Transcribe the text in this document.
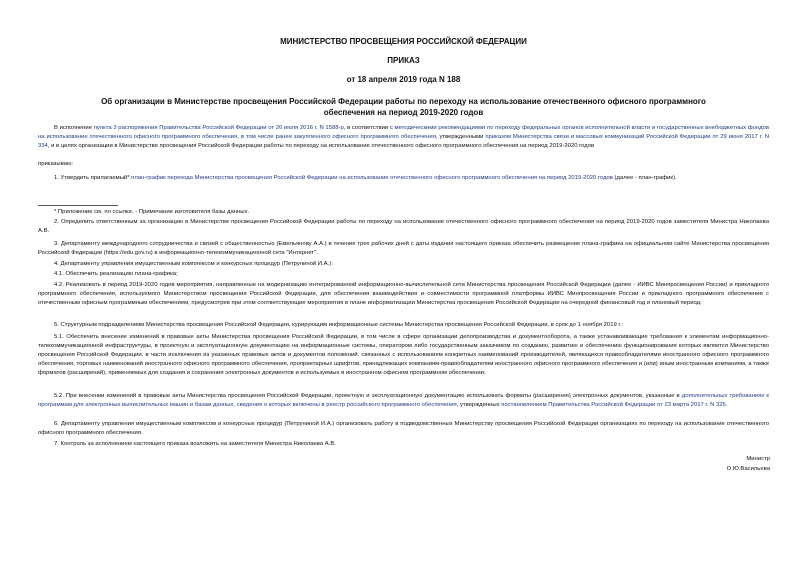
МИНИСТЕРСТВО ПРОСВЕЩЕНИЯ РОССИЙСКОЙ ФЕДЕРАЦИИ
ПРИКАЗ
от 18 апреля 2019 года N 188
Об организации в Министерстве просвещения Российской Федерации работы по переходу на использование отечественного офисного программного
обеспечения на период 2019-2020 годов

В исполнение пункта 3 распоряжения Правительства Российской Федерации от 26 июля 2016 г. N 1588-р, в соответствии с методическими рекомендациями по переходу федеральных органов исполнительной власти и государственных внебюджетных фондов на использование отечественного офисного программного обеспечения, в том числе ранее закупленного офисного программного обеспечения, утвержденными приказом Министерства связи и массовых коммуникаций Российской Федерации от 29 июня 2017 г. N 334, и в целях организации в Министерстве просвещения Российской Федерации работы по переходу на использование отечественного офисного программного обеспечения на период 2019-2020 годов

приказываю:

1. Утвердить прилагаемый* план-график перехода Министерства просвещения Российской Федерации на использование отечественного офисного программного обеспечения на период 2019-2020 годов (далее - план-график).

* Приложение см. по ссылке. - Примечание изготовителя базы данных.

2. Определить ответственным за организацию в Министерстве просвещения Российской Федерации работы по переходу на использование отечественного офисного программного обеспечения на период 2019-2020 годов заместителя Министра Николаева А.В.

3. Департаменту международного сотрудничества и связей с общественностью (Емельянову А.А.) в течение трех рабочих дней с даты издания настоящего приказа обеспечить размещение плана-графика на официальном сайте Министерства просвещения Российской Федерации (https://edu.gov.ru) в информационно-телекоммуникационной сети "Интернет".

4. Департаменту управления имущественным комплексом и конкурсных процедур (Петруниной И.А.):

4.1. Обеспечить реализацию плана-графика;

4.2. Реализовать в период 2019-2020 годов мероприятия, направленные на модернизацию интегрированной информационно-вычислительной сети Министерства просвещения Российской Федерации (далее - ИИВС Минпросвещения России) и прикладного программного обеспечения, используемого Министерством просвещения Российской Федерации, для обеспечения взаимодействия и совместимости программной платформы ИИВС Минпросвещения России и прикладного программного обеспечения с отечественным офисным программным обеспечением, предусмотрев при этом соответствующие мероприятия в плане информатизации Министерства просвещения Российской Федерации на очередной финансовый год и плановый период.

5. Структурным подразделениям Министерства просвещения Российской Федерации, курирующим информационные системы Министерства просвещения Российской Федерации, в срок до 1 ноября 2019 г.:

5.1. Обеспечить внесение изменений в правовые акты Министерства просвещения Российской Федерации, в том числе в сфере организации делопроизводства и документооборота, а также устанавливающие требования к элементам информационно-телекоммуникационной инфраструктуры, в проектную и эксплуатационную документацию на информационные системы, оператором либо государственным заказчиком по созданию, развитию и обеспечению функционирования которых является Министерство просвещения Российской Федерации, в части исключения из указанных правовых актов и документов положений, связанных с использованием конкретных наименований производителей, являющихся правообладателями иностранного офисного программного обеспечения, торговых наименований иностранного офисного программного обеспечения, проприетарных шрифтов, принадлежащих компаниям-правообладателям иностранного офисного программного обеспечения и (или) иным иностранным компаниям, а также форматов (расширений), применяемых для создания и сохранения электронных документов и используемых в иностранном офисном программном обеспечении;

5.2. При внесении изменений в правовые акты Министерства просвещения Российской Федерации, проектную и эксплуатационную документацию использовать форматы (расширения) электронных документов, указанные в дополнительных требованиях к программам для электронных вычислительных машин и базам данных, сведения о которых включены в реестр российского программного обеспечения, утвержденных постановлением Правительства Российской Федерации от 23 марта 2017 г. N 325.

6. Департаменту управления имущественным комплексом и конкурсных процедур (Петруниной И.А.) организовать работу в подведомственных Министерству просвещения Российской Федерации организациях по переходу на использование отечественного офисного программного обеспечения.

7. Контроль за исполнением настоящего приказа возложить на заместителя Министра Николаева А.В.

Министр
О.Ю.Васильева
